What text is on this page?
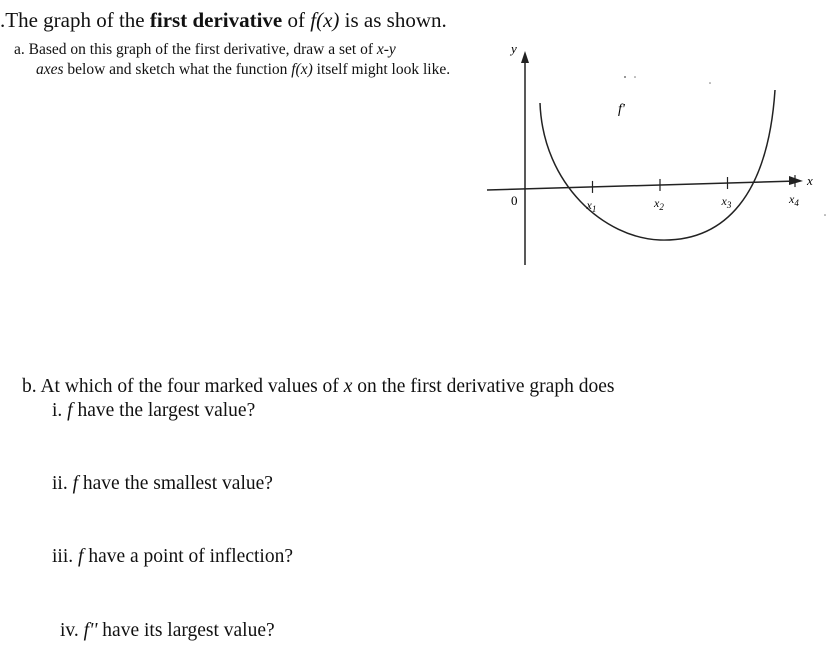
.The graph of the first derivative of f(x) is as shown.
a. Based on this graph of the first derivative, draw a set of x-y

axes below and sketch what the function f(x) itself might look like.
y
x
f'
0	$x_1$	$x_2$	$x_3$	$x_4$
b. At which of the four marked values of x on the first derivative graph does
i. f have the largest value?
ii. f have the smallest value?
iii. f have a point of inflection?
iv. f'' have its largest value?
